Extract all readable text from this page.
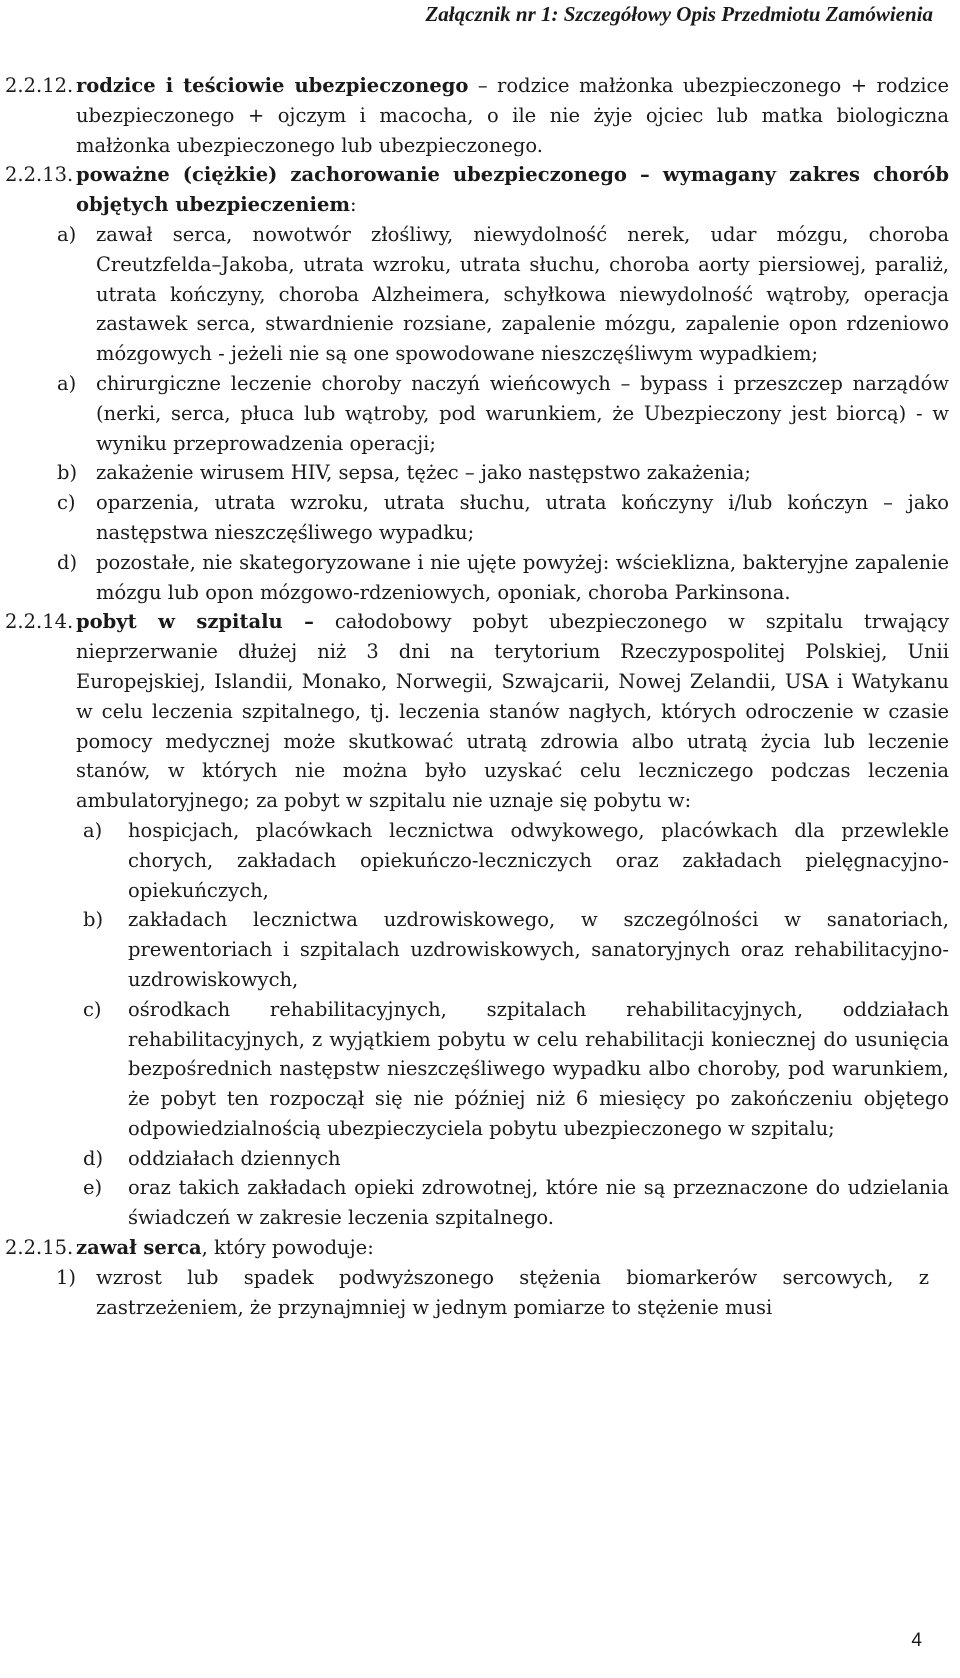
Załącznik nr 1: Szczegółowy Opis Przedmiotu Zamówienia
2.2.12. rodzice i teściowie ubezpieczonego – rodzice małżonka ubezpieczonego + rodzice ubezpieczonego + ojczym i macocha, o ile nie żyje ojciec lub matka biologiczna małżonka ubezpieczonego lub ubezpieczonego.

2.2.13. poważne (ciężkie) zachorowanie ubezpieczonego – wymagany zakres chorób objętych ubezpieczeniem:

a) zawał serca, nowotwór złośliwy, niewydolność nerek, udar mózgu, choroba Creutzfelda–Jakoba, utrata wzroku, utrata słuchu, choroba aorty piersiowej, paraliż, utrata kończyny, choroba Alzheimera, schyłkowa niewydolność wątroby, operacja zastawek serca, stwardnienie rozsiane, zapalenie mózgu, zapalenie opon rdzeniowo mózgowych - jeżeli nie są one spowodowane nieszczęśliwym wypadkiem;
a) chirurgiczne leczenie choroby naczyń wieńcowych – bypass i przeszczep narządów (nerki, serca, płuca lub wątroby, pod warunkiem, że Ubezpieczony jest biorcą) - w wyniku przeprowadzenia operacji;
b) zakażenie wirusem HIV, sepsa, tężec – jako następstwo zakażenia;
c) oparzenia, utrata wzroku, utrata słuchu, utrata kończyny i/lub kończyn – jako następstwa nieszczęśliwego wypadku;
d) pozostałe, nie skategoryzowane i nie ujęte powyżej: wścieklizna, bakteryjne zapalenie mózgu lub opon mózgowo-rdzeniowych, oponiak, choroba Parkinsona.
2.2.14. pobyt w szpitalu – całodobowy pobyt ubezpieczonego w szpitalu trwający nieprzerwanie dłużej niż 3 dni na terytorium Rzeczypospolitej Polskiej, Unii Europejskiej, Islandii, Monako, Norwegii, Szwajcarii, Nowej Zelandii, USA i Watykanu w celu leczenia szpitalnego, tj. leczenia stanów nagłych, których odroczenie w czasie pomocy medycznej może skutkować utratą zdrowia albo utratą życia lub leczenie stanów, w których nie można było uzyskać celu leczniczego podczas leczenia ambulatoryjnego; za pobyt w szpitalu nie uznaje się pobytu w:

a) hospicjach, placówkach lecznictwa odwykowego, placówkach dla przewlekle chorych, zakładach opiekuńczo-leczniczych oraz zakładach pielęgnacyjno-opiekuńczych,
b) zakładach lecznictwa uzdrowiskowego, w szczególności w sanatoriach, prewentoriach i szpitalach uzdrowiskowych, sanatoryjnych oraz rehabilitacyjno-uzdrowiskowych,
c) ośrodkach rehabilitacyjnych, szpitalach rehabilitacyjnych, oddziałach rehabilitacyjnych, z wyjątkiem pobytu w celu rehabilitacji koniecznej do usunięcia bezpośrednich następstw nieszczęśliwego wypadku albo choroby, pod warunkiem, że pobyt ten rozpoczął się nie później niż 6 miesięcy po zakończeniu objętego odpowiedzialnością ubezpieczyciela pobytu ubezpieczonego w szpitalu;
d) oddziałach dziennych
e) oraz takich zakładach opieki zdrowotnej, które nie są przeznaczone do udzielania świadczeń w zakresie leczenia szpitalnego.
2.2.15. zawał serca, który powoduje:

1) wzrost lub spadek podwyższonego stężenia biomarkerów sercowych, z zastrzeżeniem, że przynajmniej w jednym pomiarze to stężenie musi
4
